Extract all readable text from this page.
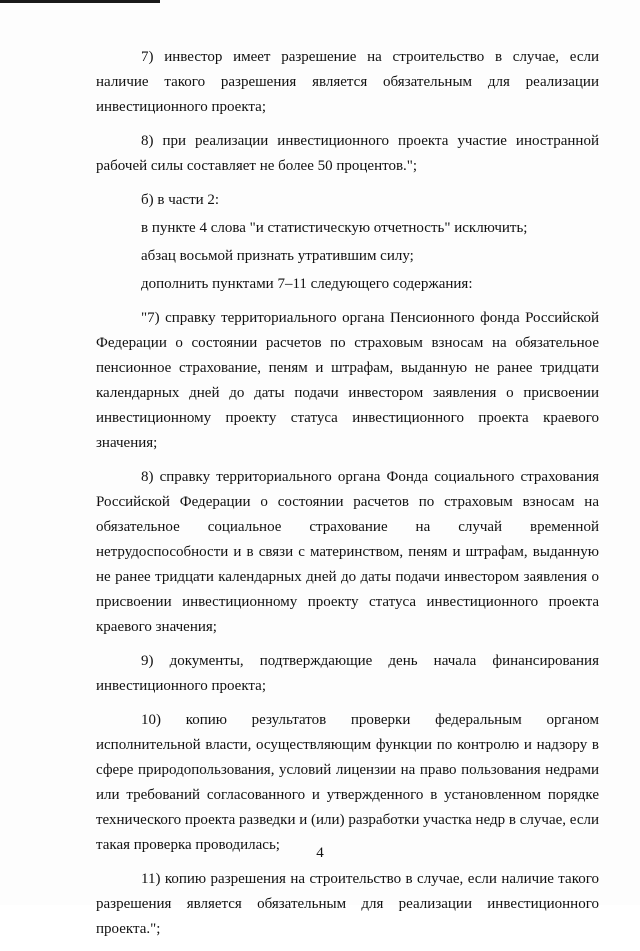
7) инвестор имеет разрешение на строительство в случае, если наличие такого разрешения является обязательным для реализации инвестиционного проекта;

8) при реализации инвестиционного проекта участие иностранной рабочей силы составляет не более 50 процентов.";

б) в части 2:

в пункте 4 слова "и статистическую отчетность" исключить;

абзац восьмой признать утратившим силу;

дополнить пунктами 7–11 следующего содержания:

"7) справку территориального органа Пенсионного фонда Российской Федерации о состоянии расчетов по страховым взносам на обязательное пенсионное страхование, пеням и штрафам, выданную не ранее тридцати календарных дней до даты подачи инвестором заявления о присвоении инвестиционному проекту статуса инвестиционного проекта краевого значения;

8) справку территориального органа Фонда социального страхования Российской Федерации о состоянии расчетов по страховым взносам на обязательное социальное страхование на случай временной нетрудоспособности и в связи с материнством, пеням и штрафам, выданную не ранее тридцати календарных дней до даты подачи инвестором заявления о присвоении инвестиционному проекту статуса инвестиционного проекта краевого значения;

9) документы, подтверждающие день начала финансирования инвестиционного проекта;

10) копию результатов проверки федеральным органом исполнительной власти, осуществляющим функции по контролю и надзору в сфере природопользования, условий лицензии на право пользования недрами или требований согласованного и утвержденного в установленном порядке технического проекта разведки и (или) разработки участка недр в случае, если такая проверка проводилась;

11) копию разрешения на строительство в случае, если наличие такого разрешения является обязательным для реализации инвестиционного проекта.";

4
